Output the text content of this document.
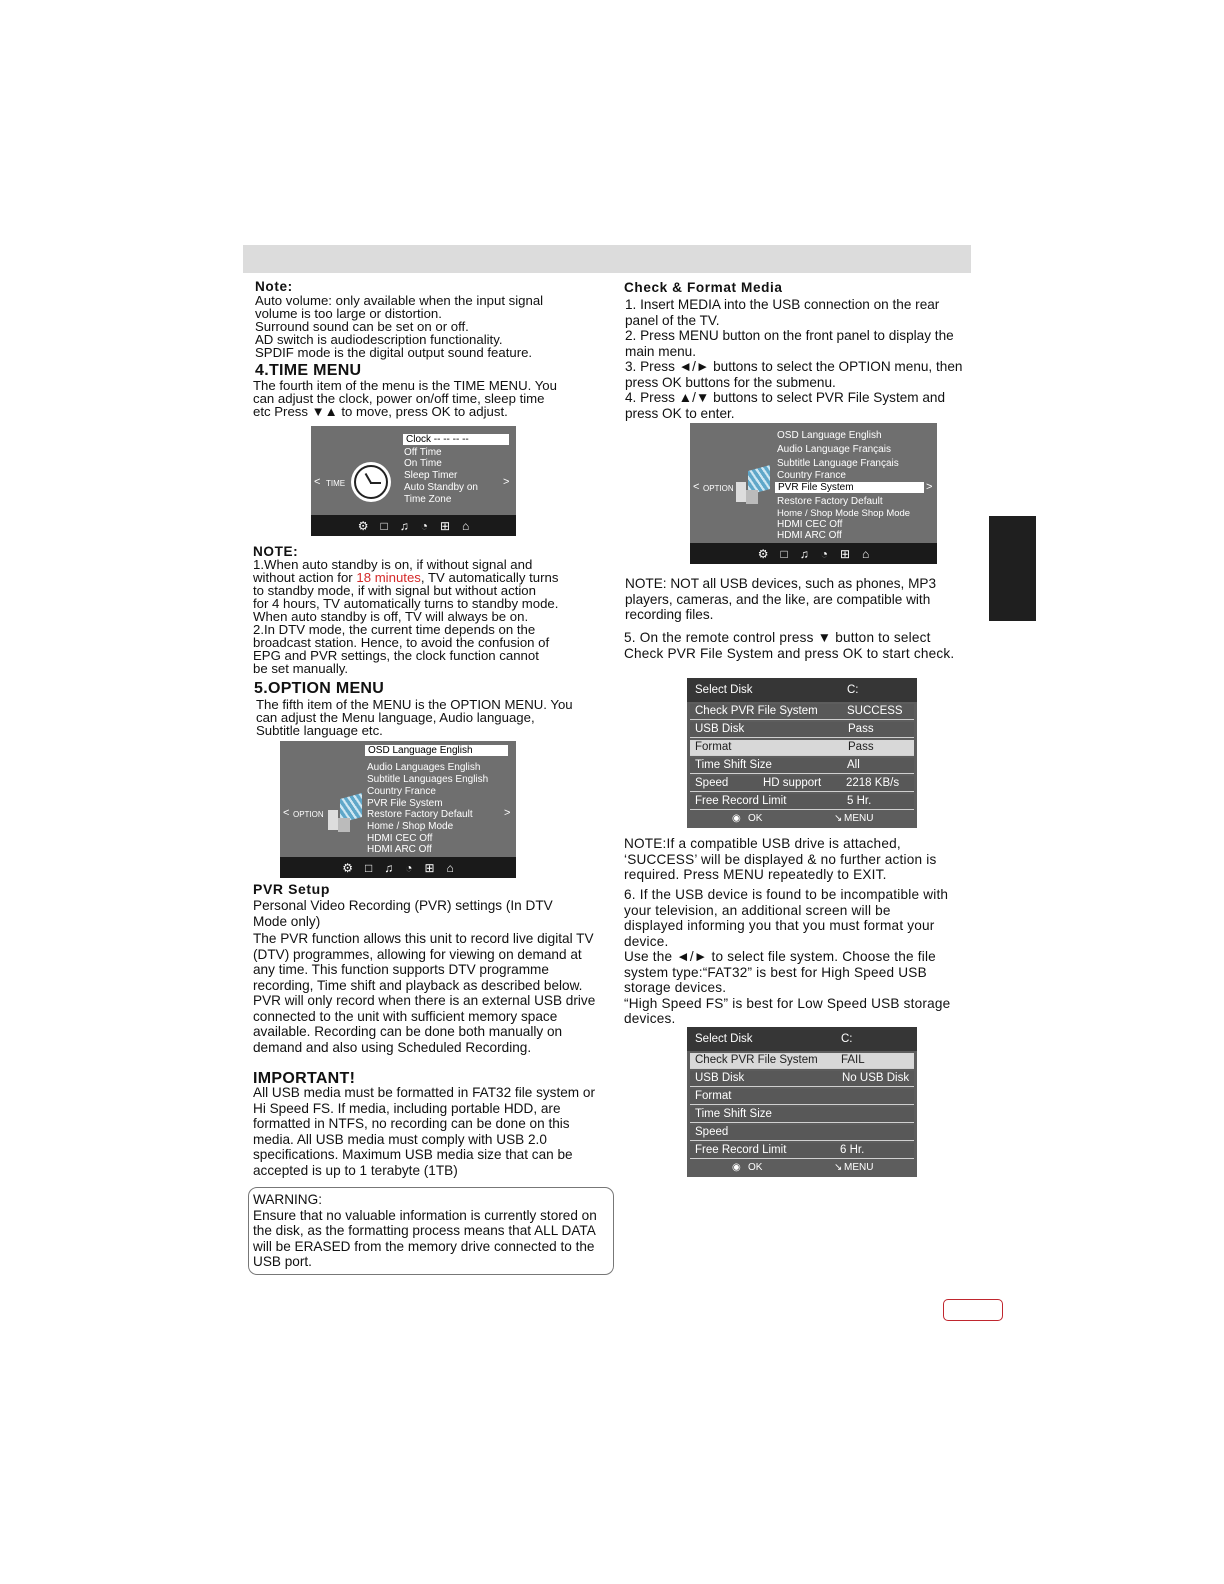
Note:
Auto volume: only available when the input signal
volume is too large or distortion.
Surround sound can be set on or off.
AD switch is audiodescription functionality.
SPDIF mode is the digital output sound feature.
4.TIME MENU
The fourth item of the menu is the TIME MENU. You
can adjust the clock, power on/off time, sleep time
etc Press ▼▲ to move, press OK to adjust.
< TIME	>
Clock -- -- -- --
Off Time
On Time
Sleep Timer
Auto Standby on
Time Zone
⚙ □ ♫ ◔ ⊞ ⌂
NOTE:
1.When auto standby is on, if without signal and
without action for 18 minutes, TV automatically turns
to standby mode, if with signal but without action
for 4 hours, TV automatically turns to standby mode.
When auto standby is off, TV will always be on.
2.In DTV mode, the current time depends on the
broadcast station. Hence, to avoid the confusion of
EPG and PVR settings, the clock function cannot
be set manually.
5.OPTION MENU
The fifth item of the MENU is the OPTION MENU. You
can adjust the Menu language, Audio language,
Subtitle language etc.
< OPTION	>
OSD Language English
Audio Languages English
Subtitle Languages English
Country France
PVR File System
Restore Factory Default
Home / Shop Mode
HDMI CEC Off
HDMI ARC Off
⚙ □ ♫ ◔ ⊞ ⌂
PVR Setup
Personal Video Recording (PVR) settings (In DTV
Mode only)
The PVR function allows this unit to record live digital TV
(DTV) programmes, allowing for viewing on demand at
any time. This function supports DTV programme
recording, Time shift and playback as described below.
PVR will only record when there is an external USB drive
connected to the unit with sufficient memory space
available. Recording can be done both manually on
demand and also using Scheduled Recording.
IMPORTANT!
All USB media must be formatted in FAT32 file system or
Hi Speed FS. If media, including portable HDD, are
formatted in NTFS, no recording can be done on this
media. All USB media must comply with USB 2.0
specifications. Maximum USB media size that can be
accepted is up to 1 terabyte (1TB)
WARNING:
Ensure that no valuable information is currently stored on
the disk, as the formatting process means that ALL DATA
will be ERASED from the memory drive connected to the
USB port.
Check & Format Media
1. Insert MEDIA into the USB connection on the rear
panel of the TV.
2. Press MENU button on the front panel to display the
main menu.
3. Press ◄/► buttons to select the OPTION menu, then
press OK buttons for the submenu.
4. Press ▲/▼ buttons to select PVR File System and
press OK to enter.
< OPTION	>
OSD Language English
Audio Language Français
Subtitle Language Français
Country France
PVR File System
Restore Factory Default
Home / Shop Mode Shop Mode
HDMI CEC Off
HDMI ARC Off
⚙ □ ♫ ◔ ⊞ ⌂
NOTE: NOT all USB devices, such as phones, MP3
players, cameras, and the like, are compatible with
recording files.
5. On the remote control press ▼ button to select
Check PVR File System and press OK to start check.
Select Disk	C:
Check PVR File System	SUCCESS
USB Disk	Pass
Format	Pass
Time Shift Size	All
Speed	HD support 2218 KB/s
Free Record Limit	5 Hr.
◉ OK	↘ MENU
NOTE:If a compatible USB drive is attached,
‘SUCCESS’ will be displayed & no further action is
required. Press MENU repeatedly to EXIT.
6. If the USB device is found to be incompatible with
your television, an additional screen will be
displayed informing you that you must format your
device.
Use the ◄/► to select file system. Choose the file
system type:“FAT32” is best for High Speed USB
storage devices.
“High Speed FS” is best for Low Speed USB storage
devices.
Select Disk	C:
Check PVR File System FAIL
USB Disk	No USB Disk
Format
Time Shift Size
Speed
Free Record Limit	6 Hr.
◉ OK	↘ MENU
